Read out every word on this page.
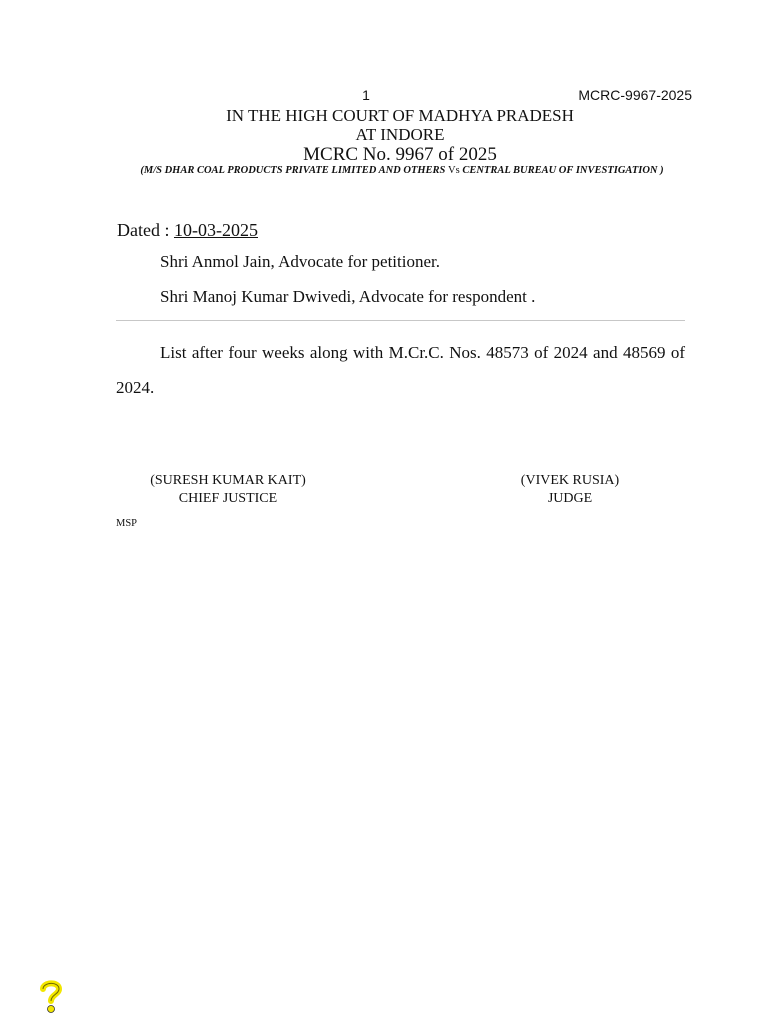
1	MCRC-9967-2025
IN THE HIGH COURT OF MADHYA PRADESH
AT INDORE
MCRC No. 9967 of 2025
(M/S DHAR COAL PRODUCTS PRIVATE LIMITED AND OTHERS Vs CENTRAL BUREAU OF INVESTIGATION )
Dated : 10-03-2025
Shri Anmol Jain, Advocate for petitioner.
Shri Manoj Kumar Dwivedi, Advocate for respondent .
List after four weeks along with M.Cr.C. Nos. 48573 of 2024 and 48569 of 2024.
(SURESH KUMAR KAIT)
CHIEF JUSTICE
(VIVEK RUSIA)
JUDGE
MSP
